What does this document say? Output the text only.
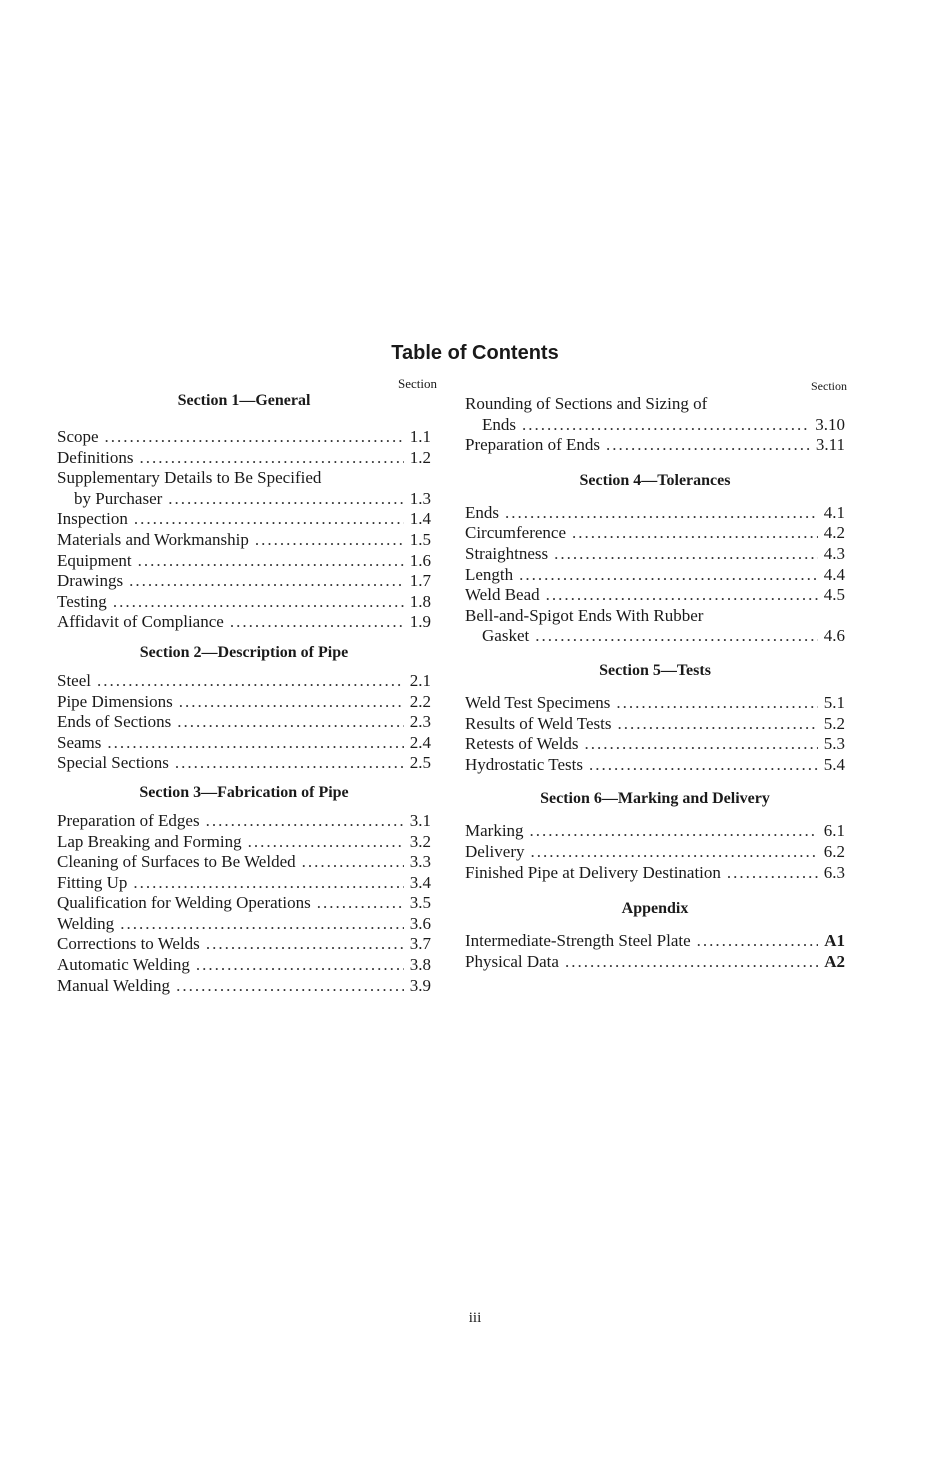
Table of Contents
Section
Section 1—General
Scope .....	1.1
Definitions .....	1.2
Supplementary Details to Be Specified
by Purchaser .....	1.3
Inspection .....	1.4
Materials and Workmanship .....	1.5
Equipment .....	1.6
Drawings .....	1.7
Testing .....	1.8
Affidavit of Compliance .....	1.9
Section 2—Description of Pipe
Steel .....	2.1
Pipe Dimensions .....	2.2
Ends of Sections .....	2.3
Seams .....	2.4
Special Sections .....	2.5
Section 3—Fabrication of Pipe
Preparation of Edges .....	3.1
Lap Breaking and Forming .....	3.2
Cleaning of Surfaces to Be Welded .....	3.3
Fitting Up .....	3.4
Qualification for Welding Operations .....	3.5
Welding .....	3.6
Corrections to Welds .....	3.7
Automatic Welding .....	3.8
Manual Welding .....	3.9
Section
Rounding of Sections and Sizing of
Ends .....	3.10
Preparation of Ends .....	3.11
Section 4—Tolerances
Ends .....	4.1
Circumference .....	4.2
Straightness .....	4.3
Length .....	4.4
Weld Bead .....	4.5
Bell-and-Spigot Ends With Rubber
Gasket .....	4.6
Section 5—Tests
Weld Test Specimens .....	5.1
Results of Weld Tests .....	5.2
Retests of Welds .....	5.3
Hydrostatic Tests .....	5.4
Section 6—Marking and Delivery
Marking .....	6.1
Delivery .....	6.2
Finished Pipe at Delivery Destination .....	6.3
Appendix
Intermediate-Strength Steel Plate .....	A1
Physical Data .....	A2
iii
